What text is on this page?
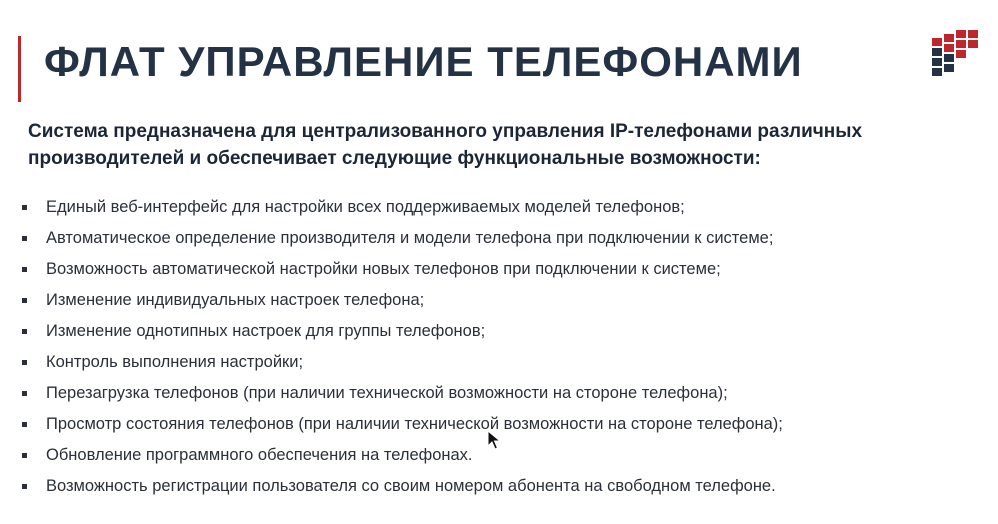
ФЛАТ УПРАВЛЕНИЕ ТЕЛЕФОНАМИ

Система предназначена для централизованного управления IP-телефонами различных производителей и обеспечивает следующие функциональные возможности:

Единый веб-интерфейс для настройки всех поддерживаемых моделей телефонов;
Автоматическое определение производителя и модели телефона при подключении к системе;
Возможность автоматической настройки новых телефонов при подключении к системе;
Изменение индивидуальных настроек телефона;
Изменение однотипных настроек для группы телефонов;
Контроль выполнения настройки;
Перезагрузка телефонов (при наличии технической возможности на стороне телефона);
Просмотр состояния телефонов (при наличии технической возможности на стороне телефона);
Обновление программного обеспечения на телефонах.
Возможность регистрации пользователя со своим номером абонента на свободном телефоне.
